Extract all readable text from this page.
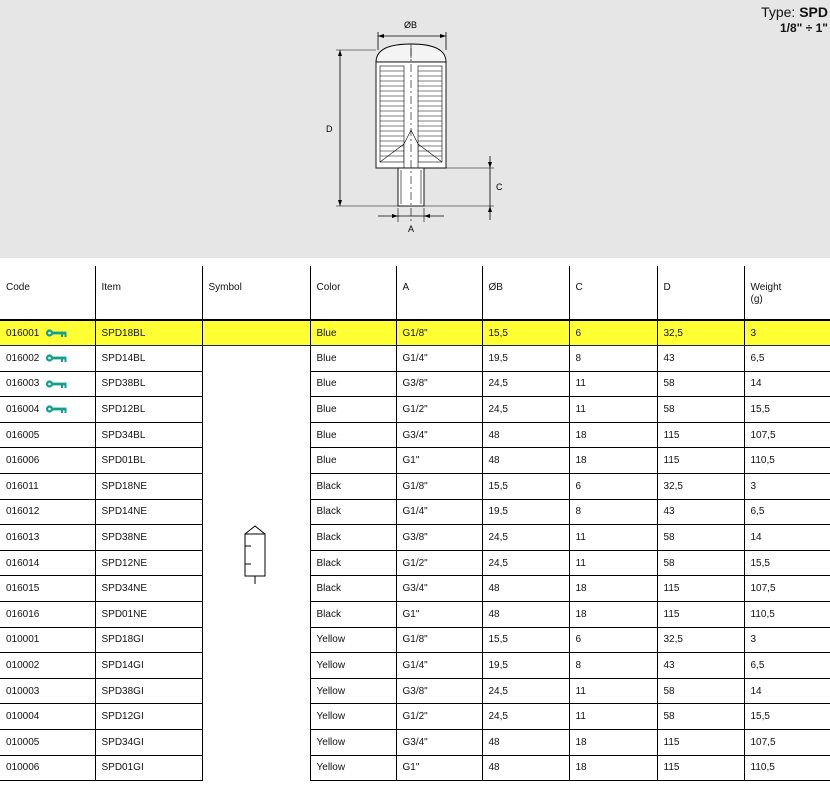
ØB
D
C
A
Type: SPD
1/8" ÷ 1"
Code	Item	Symbol	Color	A	ØB	C	D	Weight
(g)

016001	SPD18BL		Blue	G1/8"	15,5	6	32,5	3
016002	SPD14BL		Blue	G1/4"	19,5	8	43	6,5
016003	SPD38BL		Blue	G3/8"	24,5	11	58	14
016004	SPD12BL		Blue	G1/2"	24,5	11	58	15,5
016005	SPD34BL		Blue	G3/4"	48	18	115	107,5
016006	SPD01BL		Blue	G1"	48	18	115	110,5
016011	SPD18NE		Black	G1/8"	15,5	6	32,5	3
016012	SPD14NE		Black	G1/4"	19,5	8	43	6,5
016013	SPD38NE		Black	G3/8"	24,5	11	58	14
016014	SPD12NE		Black	G1/2"	24,5	11	58	15,5
016015	SPD34NE		Black	G3/4"	48	18	115	107,5
016016	SPD01NE		Black	G1"	48	18	115	110,5
010001	SPD18GI		Yellow	G1/8"	15,5	6	32,5	3
010002	SPD14GI		Yellow	G1/4"	19,5	8	43	6,5
010003	SPD38GI		Yellow	G3/8"	24,5	11	58	14
010004	SPD12GI		Yellow	G1/2"	24,5	11	58	15,5
010005	SPD34GI		Yellow	G3/4"	48	18	115	107,5
010006	SPD01GI		Yellow	G1"	48	18	115	110,5
